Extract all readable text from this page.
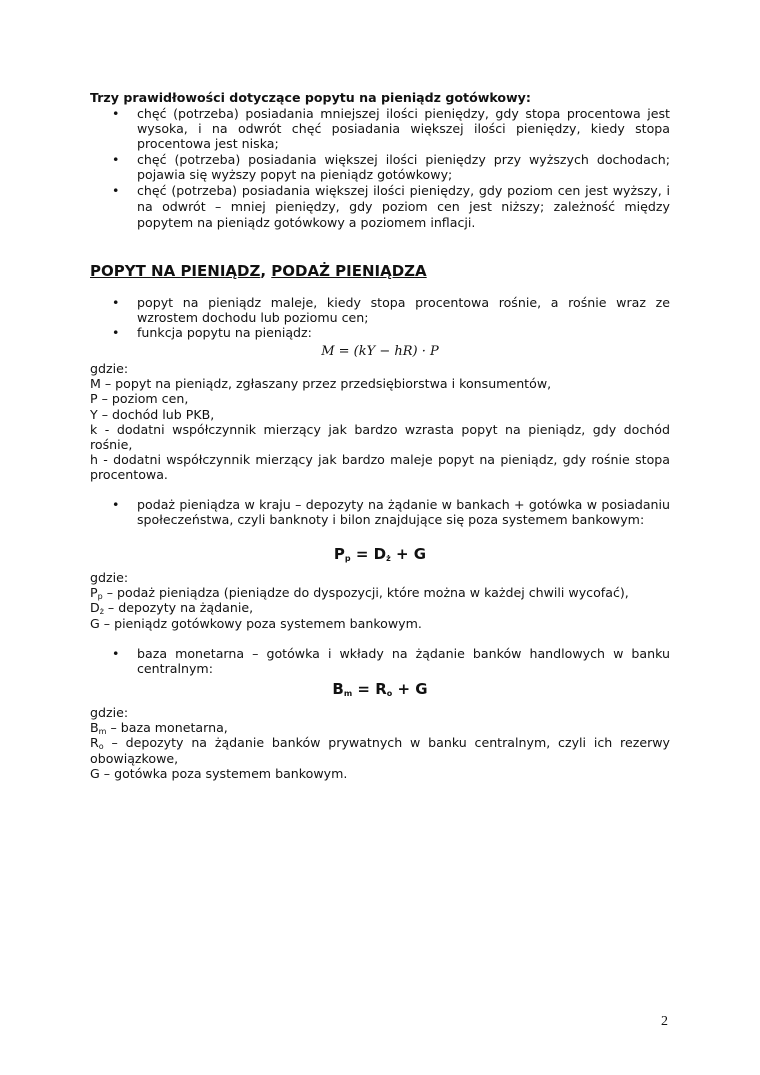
Trzy prawidłowości dotyczące popytu na pieniądz gotówkowy:
• chęć (potrzeba) posiadania mniejszej ilości pieniędzy, gdy stopa procentowa jest wysoka, i na odwrót chęć posiadania większej ilości pieniędzy, kiedy stopa procentowa jest niska;
• chęć (potrzeba) posiadania większej ilości pieniędzy przy wyższych dochodach; pojawia się wyższy popyt na pieniądz gotówkowy;
• chęć (potrzeba) posiadania większej ilości pieniędzy, gdy poziom cen jest wyższy, i na odwrót – mniej pieniędzy, gdy poziom cen jest niższy; zależność między popytem na pieniądz gotówkowy a poziomem inflacji.
POPYT NA PIENIĄDZ, PODAŻ PIENIĄDZA
• popyt na pieniądz maleje, kiedy stopa procentowa rośnie, a rośnie wraz ze wzrostem dochodu lub poziomu cen;
• funkcja popytu na pieniądz:
M = (kY − hR) · P
gdzie:
M – popyt na pieniądz, zgłaszany przez przedsiębiorstwa i konsumentów,
P – poziom cen,
Y – dochód lub PKB,
k - dodatni współczynnik mierzący jak bardzo wzrasta popyt na pieniądz, gdy dochód rośnie,
h - dodatni współczynnik mierzący jak bardzo maleje popyt na pieniądz, gdy rośnie stopa procentowa.
• podaż pieniądza w kraju – depozyty na żądanie w bankach + gotówka w posiadaniu społeczeństwa, czyli banknoty i bilon znajdujące się poza systemem bankowym:
$P_p = D_ż + G$
gdzie:
$P_p$ – podaż pieniądza (pieniądze do dyspozycji, które można w każdej chwili wycofać),
$D_ż$ – depozyty na żądanie,
G – pieniądz gotówkowy poza systemem bankowym.
• baza monetarna – gotówka i wkłady na żądanie banków handlowych w banku centralnym:
$B_m = R_o + G$
gdzie:
$B_m$ – baza monetarna,
$R_o$ – depozyty na żądanie banków prywatnych w banku centralnym, czyli ich rezerwy obowiązkowe,
G – gotówka poza systemem bankowym.
2
